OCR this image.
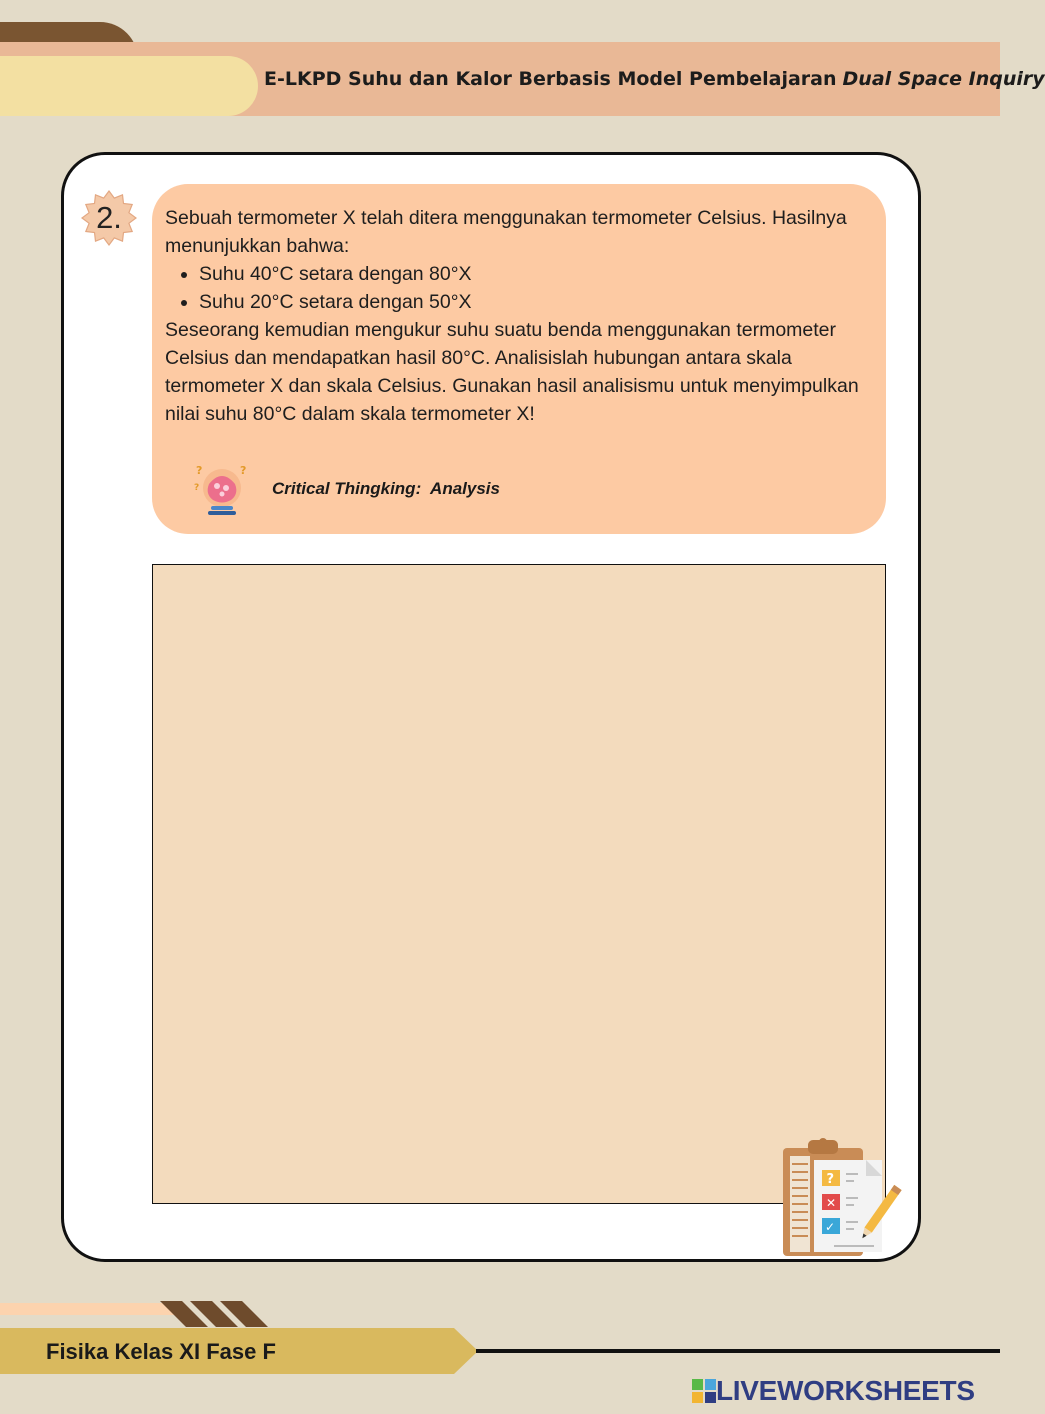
E-LKPD Suhu dan Kalor Berbasis Model Pembelajaran Dual Space Inquiry
2.	Sebuah termometer X telah ditera menggunakan termometer Celsius. Hasilnya menunjukkan bahwa:

• Suhu 40°C setara dengan 80°X
• Suhu 20°C setara dengan 50°X

Seseorang kemudian mengukur suhu suatu benda menggunakan termometer Celsius dan mendapatkan hasil 80°C. Analisislah hubungan antara skala termometer X dan skala Celsius. Gunakan hasil analisismu untuk menyimpulkan nilai suhu 80°C dalam skala termometer X!

?	?
?	Critical Thingking:  Analysis
?
✕
✓
Fisika Kelas XI Fase F
LIVEWORKSHEETS
